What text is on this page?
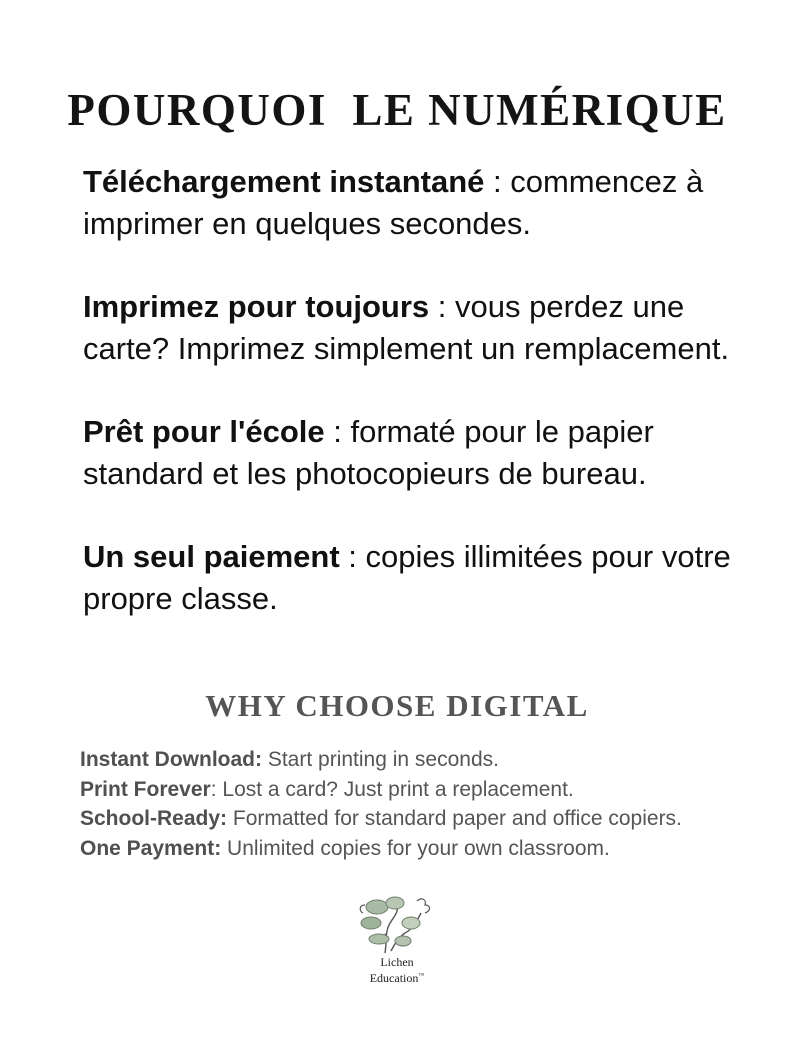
POURQUOI  LE NUMÉRIQUE

Téléchargement instantané : commencez à imprimer en quelques secondes.

Imprimez pour toujours : vous perdez une carte? Imprimez simplement un remplacement.

Prêt pour l'école : formaté pour le papier standard et les photocopieurs de bureau.

Un seul paiement : copies illimitées pour votre propre classe.

WHY CHOOSE DIGITAL

Instant Download: Start printing in seconds.

Print Forever: Lost a card? Just print a replacement.

School-Ready: Formatted for standard paper and office copiers.

One Payment: Unlimited copies for your own classroom.

Lichen
Education™
